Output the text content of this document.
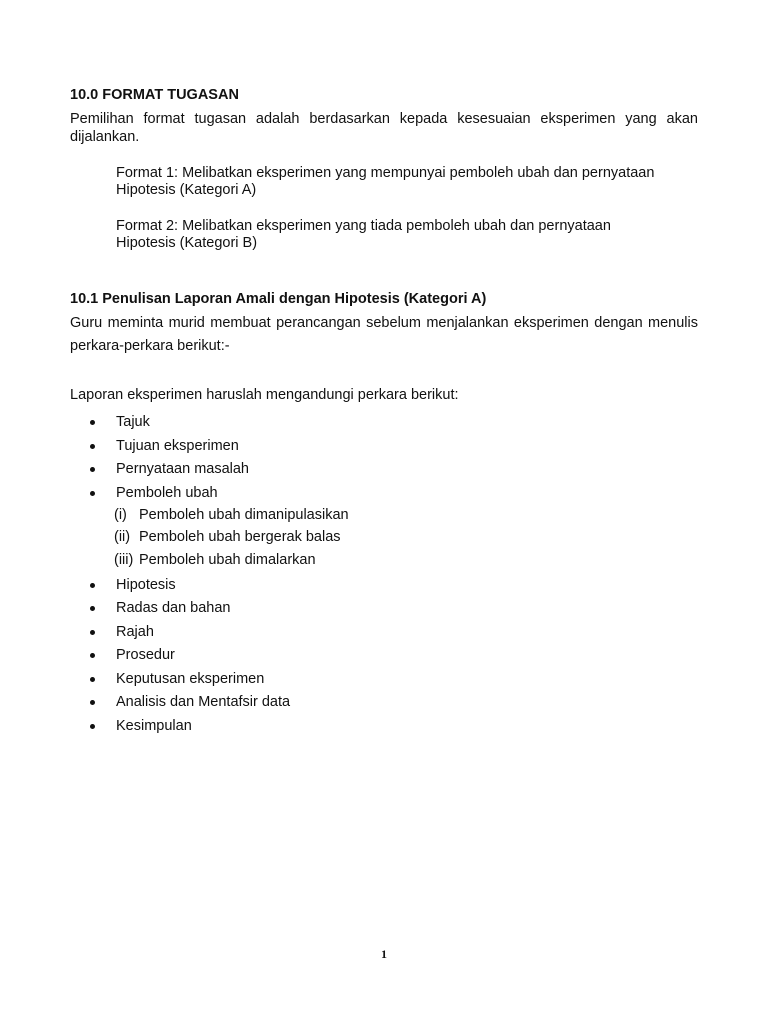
10.0 FORMAT TUGASAN
Pemilihan format tugasan adalah berdasarkan kepada kesesuaian eksperimen yang akan
dijalankan.
Format 1: Melibatkan eksperimen yang mempunyai pemboleh ubah dan pernyataan
Hipotesis (Kategori A)
Format 2: Melibatkan eksperimen yang tiada pemboleh ubah dan pernyataan
Hipotesis (Kategori B)
10.1 Penulisan Laporan Amali dengan Hipotesis (Kategori A)
Guru meminta murid membuat perancangan sebelum menjalankan eksperimen dengan menulis
perkara-perkara berikut:-
Laporan eksperimen haruslah mengandungi perkara berikut:
Tajuk
Tujuan eksperimen
Pernyataan masalah
Pemboleh ubah
(i) Pemboleh ubah dimanipulasikan
(ii) Pemboleh ubah bergerak balas
(iii) Pemboleh ubah dimalarkan
Hipotesis
Radas dan bahan
Rajah
Prosedur
Keputusan eksperimen
Analisis dan Mentafsir data
Kesimpulan
1
